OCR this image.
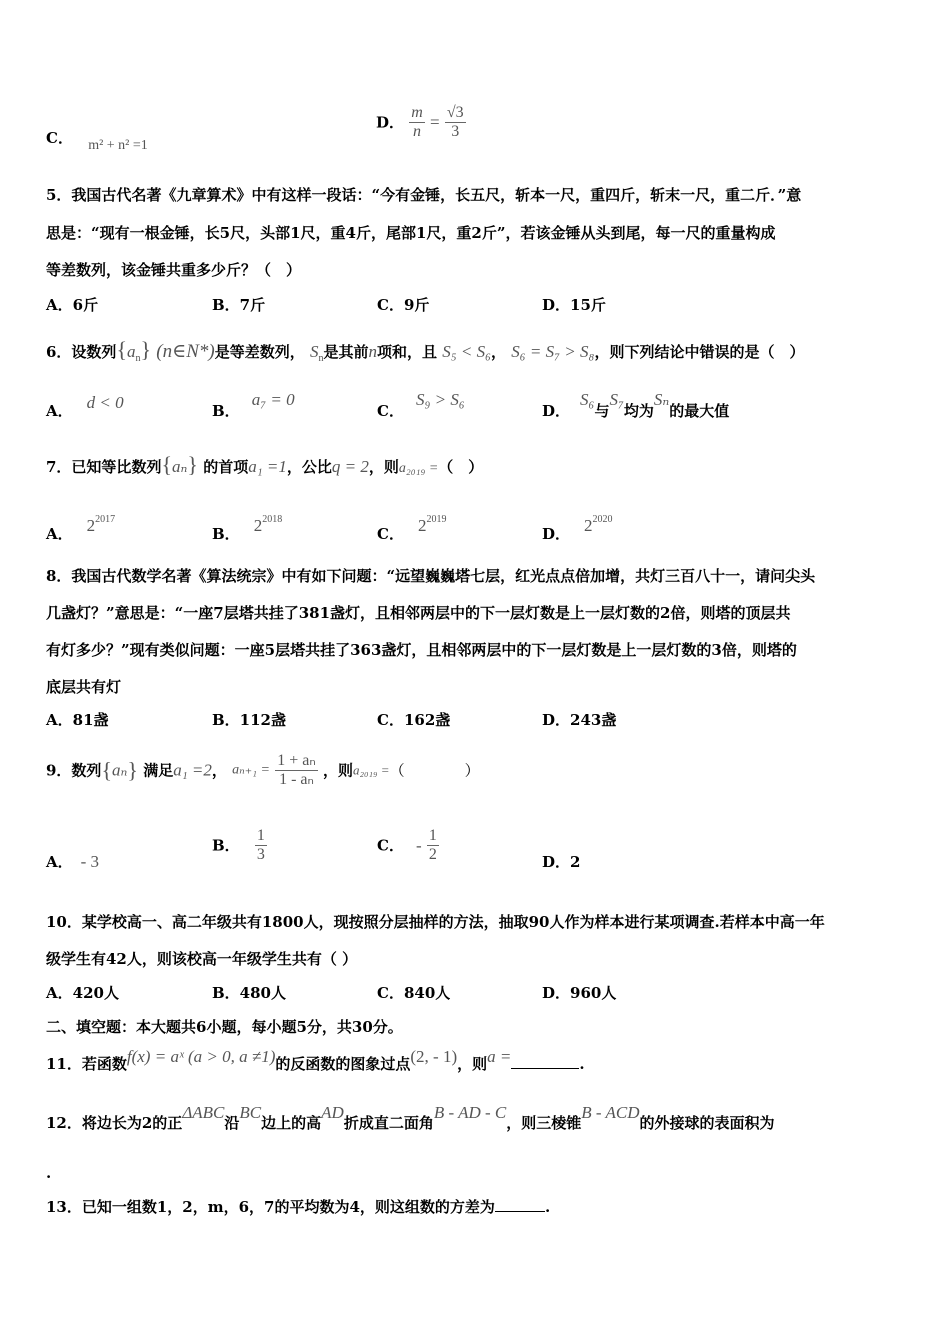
C． m² + n² =1
D． $\frac{m}{n} = \frac{√3}{3}$
5．我国古代名著《九章算术》中有这样一段话：“今有金锤，长五尺，斩本一尺，重四斤，斩末一尺，重二斤．”意
思是：“现有一根金锤，长5尺，头部1尺，重4斤，尾部1尺，重2斤”，若该金锤从头到尾，每一尺的重量构成
等差数列，该金锤共重多少斤？（　）
A．6斤	B．7斤	C．9斤	D．15斤
6．设数列$\{a_n\}$ (n∈N*)是等差数列， $S_n$是其前n项和，且 S₅ < S₆， S₆ = S₇ > S₈，则下列结论中错误的是（　）
A． d < 0	B．a₇ = 0
C．S₉ > S₆
D．S₆与S₇均为Sₙ的最大值
7．已知等比数列{aₙ} 的首项a₁ =1，公比q = 2，则a₂₀₁₉ =（　）
A． $2^{2017}$
B． $2^{2018}$
C． $2^{2019}$
D． $2^{2020}$
8．我国古代数学名著《算法统宗》中有如下问题：“远望巍巍塔七层，红光点点倍加增，共灯三百八十一，请问尖头
几盏灯？”意思是：“一座7层塔共挂了381盏灯，且相邻两层中的下一层灯数是上一层灯数的2倍，则塔的顶层共
有灯多少？”现有类似问题：一座5层塔共挂了363盏灯，且相邻两层中的下一层灯数是上一层灯数的3倍，则塔的
底层共有灯
A．81盏	B．112盏	C．162盏	D．243盏
9．数列{aₙ} 满足a₁ =2， $a_{n+1} = \frac{\text{1 + aₙ}}{\text{1 - aₙ}}$ ，则a₂₀₁₉ =（　　　　）
A． - 3
B． $\frac{1}{3}$	C． - $\frac{1}{2}$	D．2
10．某学校高一、高二年级共有1800人，现按照分层抽样的方法，抽取90人作为样本进行某项调查.若样本中高一年
级学生有42人，则该校高一年级学生共有（ ）
A．420人	B．480人	C．840人	D．960人
二、填空题：本大题共6小题，每小题5分，共30分。
11．若函数f(x) = aˣ (a > 0, a ≠1)的反函数的图象过点(2, - 1)，则a =	.
12．将边长为2的正ΔABC沿BC边上的高AD折成直二面角B - AD - C，则三棱锥B - ACD的外接球的表面积为
.
13．已知一组数1，2，m，6，7的平均数为4，则这组数的方差为	.
